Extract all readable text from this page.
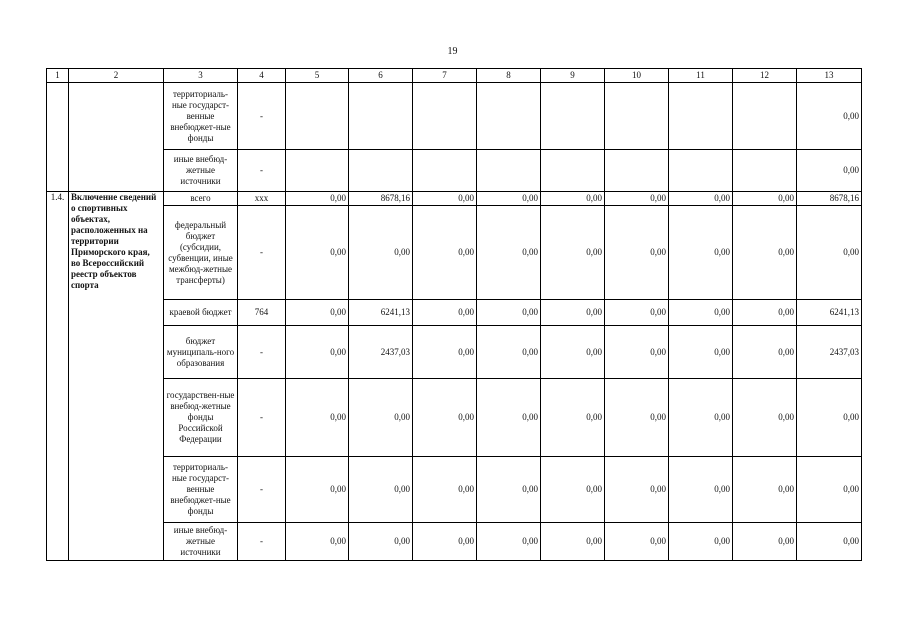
19
1	2	3	4	5	6	7	8	9	10	11	12	13
		территориаль-ные государст-венные внебюджет-ные фонды	-									0,00
		иные внебюд-жетные источники	-									0,00
1.4.	Включение сведений о спортивных объектах, расположенных на территории Приморского края, во Всероссийский реестр объектов спорта	всего	ххх	0,00	8678,16	0,00	0,00	0,00	0,00	0,00	0,00	8678,16
		федеральный бюджет (субсидии, субвенции, иные межбюд-жетные трансферты)	-	0,00	0,00	0,00	0,00	0,00	0,00	0,00	0,00	0,00
		краевой бюджет	764	0,00	6241,13	0,00	0,00	0,00	0,00	0,00	0,00	6241,13
		бюджет муниципаль-ного образования	-	0,00	2437,03	0,00	0,00	0,00	0,00	0,00	0,00	2437,03
		государствен-ные внебюд-жетные фонды Российской Федерации	-	0,00	0,00	0,00	0,00	0,00	0,00	0,00	0,00	0,00
		территориаль-ные государст-венные внебюджет-ные фонды	-	0,00	0,00	0,00	0,00	0,00	0,00	0,00	0,00	0,00
		иные внебюд-жетные источники	-	0,00	0,00	0,00	0,00	0,00	0,00	0,00	0,00	0,00
